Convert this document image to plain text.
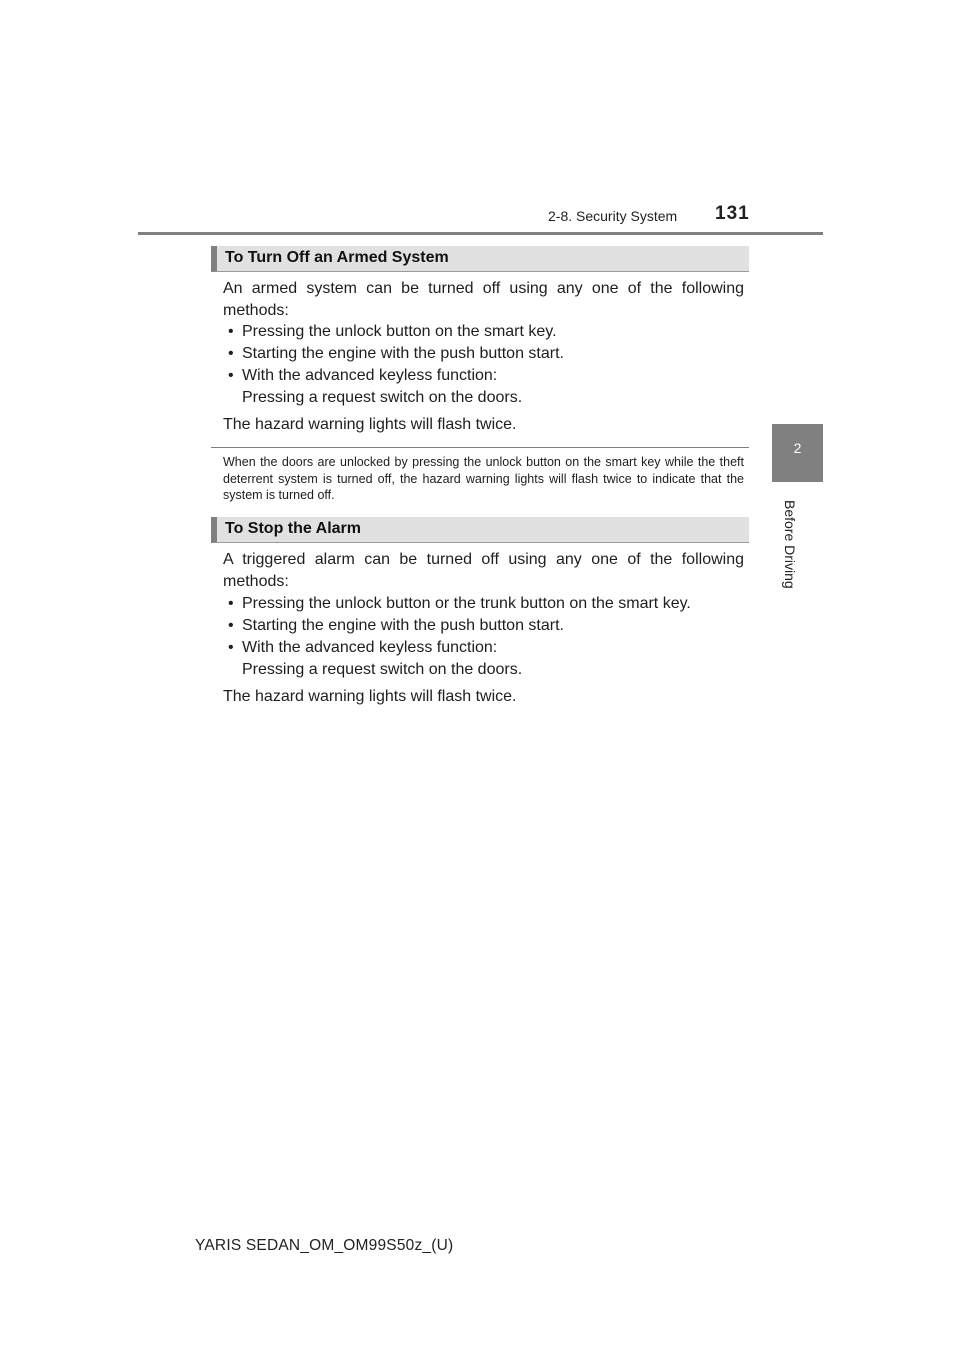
2-8. Security System 131
2
Before Driving
To Turn Off an Armed System
An armed system can be turned off using any one of the following methods:
• Pressing the unlock button on the smart key.
• Starting the engine with the push button start.
• With the advanced keyless function:
Pressing a request switch on the doors.
The hazard warning lights will flash twice.
When the doors are unlocked by pressing the unlock button on the smart key while the theft deterrent system is turned off, the hazard warning lights will flash twice to indicate that the system is turned off.
To Stop the Alarm
A triggered alarm can be turned off using any one of the following methods:
• Pressing the unlock button or the trunk button on the smart key.
• Starting the engine with the push button start.
• With the advanced keyless function:
Pressing a request switch on the doors.
The hazard warning lights will flash twice.
YARIS SEDAN_OM_OM99S50z_(U)
